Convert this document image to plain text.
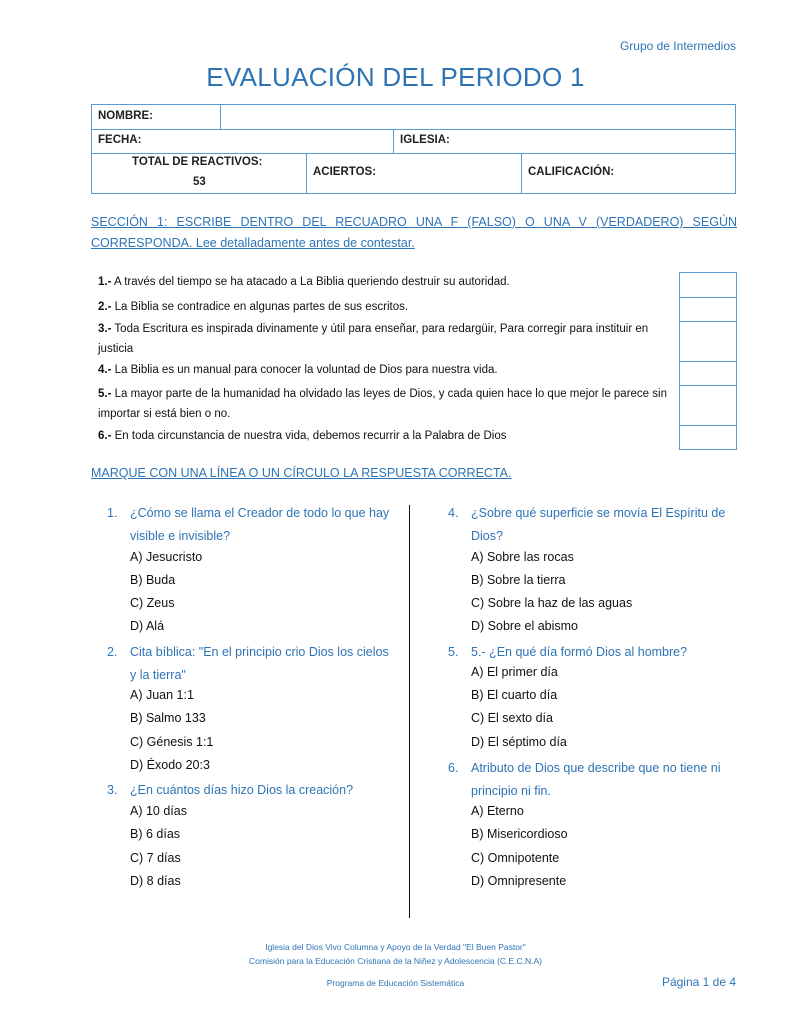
Grupo de Intermedios
EVALUACIÓN DEL PERIODO 1
NOMBRE:
FECHA:	IGLESIA:
TOTAL DE REACTIVOS:
53
ACIERTOS:	CALIFICACIÓN:
SECCIÓN 1: ESCRIBE DENTRO DEL RECUADRO UNA F (FALSO) O UNA V (VERDADERO) SEGÚN CORRESPONDA. Lee detalladamente antes de contestar.
1.- A través del tiempo se ha atacado a La Biblia queriendo destruir su autoridad.
2.- La Biblia se contradice en algunas partes de sus escritos.
3.- Toda Escritura es inspirada divinamente y útil para enseñar, para redargüir, Para corregir para instituir en justicia
4.- La Biblia es un manual para conocer la voluntad de Dios para nuestra vida.
5.- La mayor parte de la humanidad ha olvidado las leyes de Dios, y cada quien hace lo que mejor le parece sin importar si está bien o no.
6.- En toda circunstancia de nuestra vida, debemos recurrir a la Palabra de Dios
MARQUE CON UNA LÍNEA O UN CÍRCULO LA RESPUESTA CORRECTA.
1. ¿Cómo se llama el Creador de todo lo que hay visible e invisible?
A) Jesucristo
B) Buda
C) Zeus
D) Alá
2. Cita bíblica: "En el principio crio Dios los cielos y la tierra"
A) Juan 1:1
B) Salmo 133
C) Génesis 1:1
D) Éxodo 20:3
3. ¿En cuántos días hizo Dios la creación?
A) 10 días
B) 6 días
C) 7 días
D) 8 días
4. ¿Sobre qué superficie se movía El Espíritu de Dios?
A) Sobre las rocas
B) Sobre la tierra
C) Sobre la haz de las aguas
D) Sobre el abismo
5. 5.- ¿En qué día formó Dios al hombre?
A) El primer día
B) El cuarto día
C) El sexto día
D) El séptimo día
6. Atributo de Dios que describe que no tiene ni principio ni fin.
A) Eterno
B) Misericordioso
C) Omnipotente
D) Omnipresente
Iglesia del Dios Vivo Columna y Apoyo de la Verdad "El Buen Pastor"
Comisión para la Educación Cristiana de la Niñez y Adolescencia (C.E.C.N.A)
Programa de Educación Sistemática	Página 1 de 4
